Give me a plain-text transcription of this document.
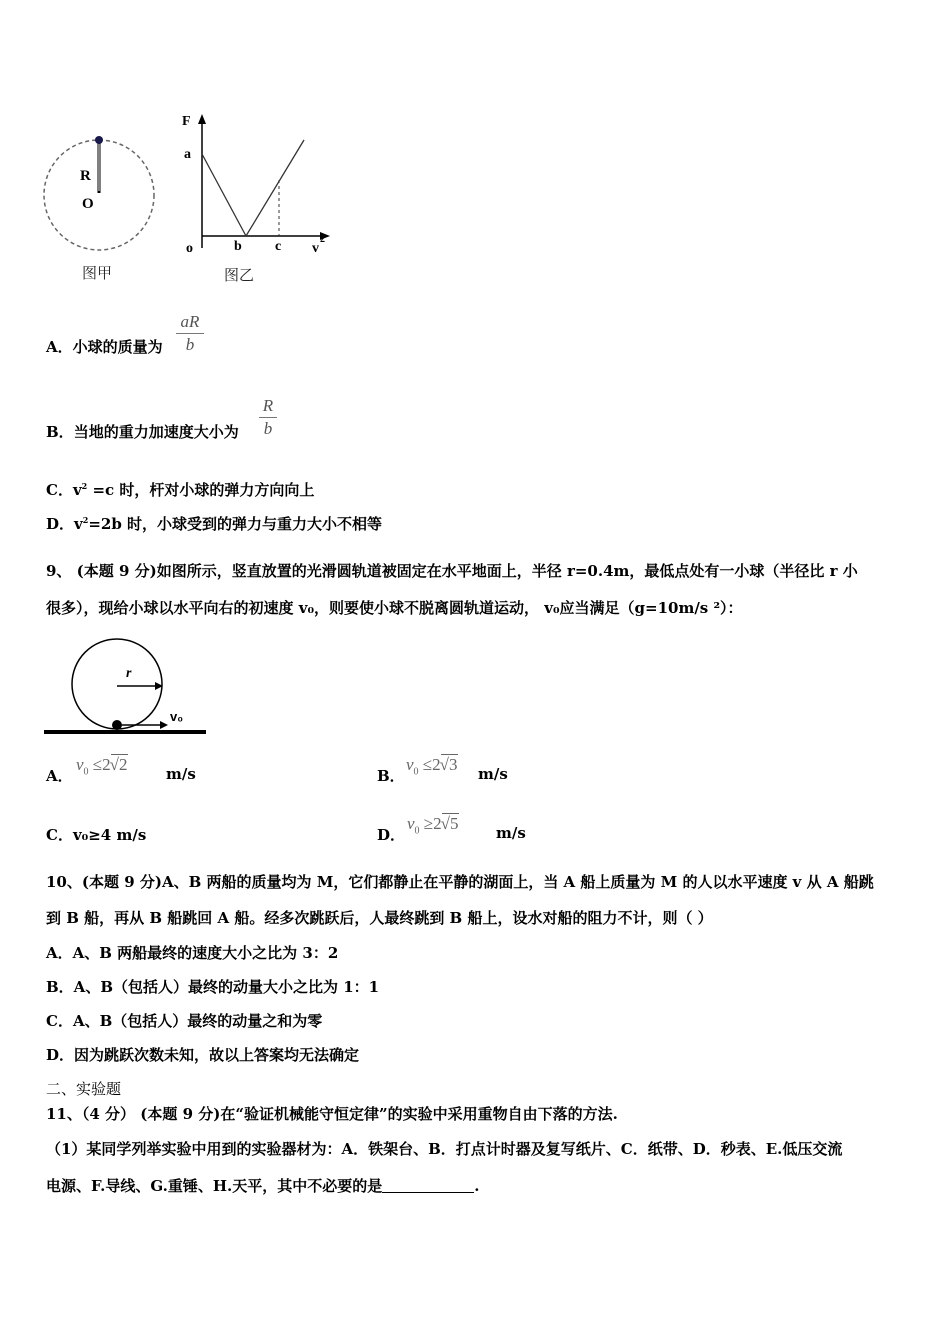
R
O
图甲
F
a
o	b c v
2
图乙
A．小球的质量为
aR
b
B．当地的重力加速度大小为
R
b
C．$v^2 =c$ 时，杆对小球的弹力方向向上
D．$v^2=2b$ 时，小球受到的弹力与重力大小不相等
9、 (本题 9 分)如图所示，竖直放置的光滑圆轨道被固定在水平地面上，半径 r=0.4m，最低点处有一小球（半径比 r 小
很多），现给小球以水平向右的初速度 v₀，则要使小球不脱离圆轨道运动， v₀应当满足（g=10m/s ²）：
r
v₀
A．
$v_0 \le 2√2$	m/s	B．
$v_0 \le 2√3$ m/s
C．v₀≥4 m/s	D．
$v_0 \ge 2√5$	m/s
10、(本题 9 分)A、B 两船的质量均为 M，它们都静止在平静的湖面上，当 A 船上质量为 M 的人以水平速度 v 从 A 船跳
到 B 船，再从 B 船跳回 A 船。经多次跳跃后，人最终跳到 B 船上，设水对船的阻力不计，则（ ）
A．A、B 两船最终的速度大小之比为 3：2
B．A、B（包括人）最终的动量大小之比为 1：1
C．A、B（包括人）最终的动量之和为零
D．因为跳跃次数未知，故以上答案均无法确定
二、实验题
11、（4 分） (本题 9 分)在“验证机械能守恒定律”的实验中采用重物自由下落的方法.
（1）某同学列举实验中用到的实验器材为：A．铁架台、B．打点计时器及复写纸片、C．纸带、D．秒表、E.低压交流
电源、F.导线、G.重锤、H.天平，其中不必要的是	.
